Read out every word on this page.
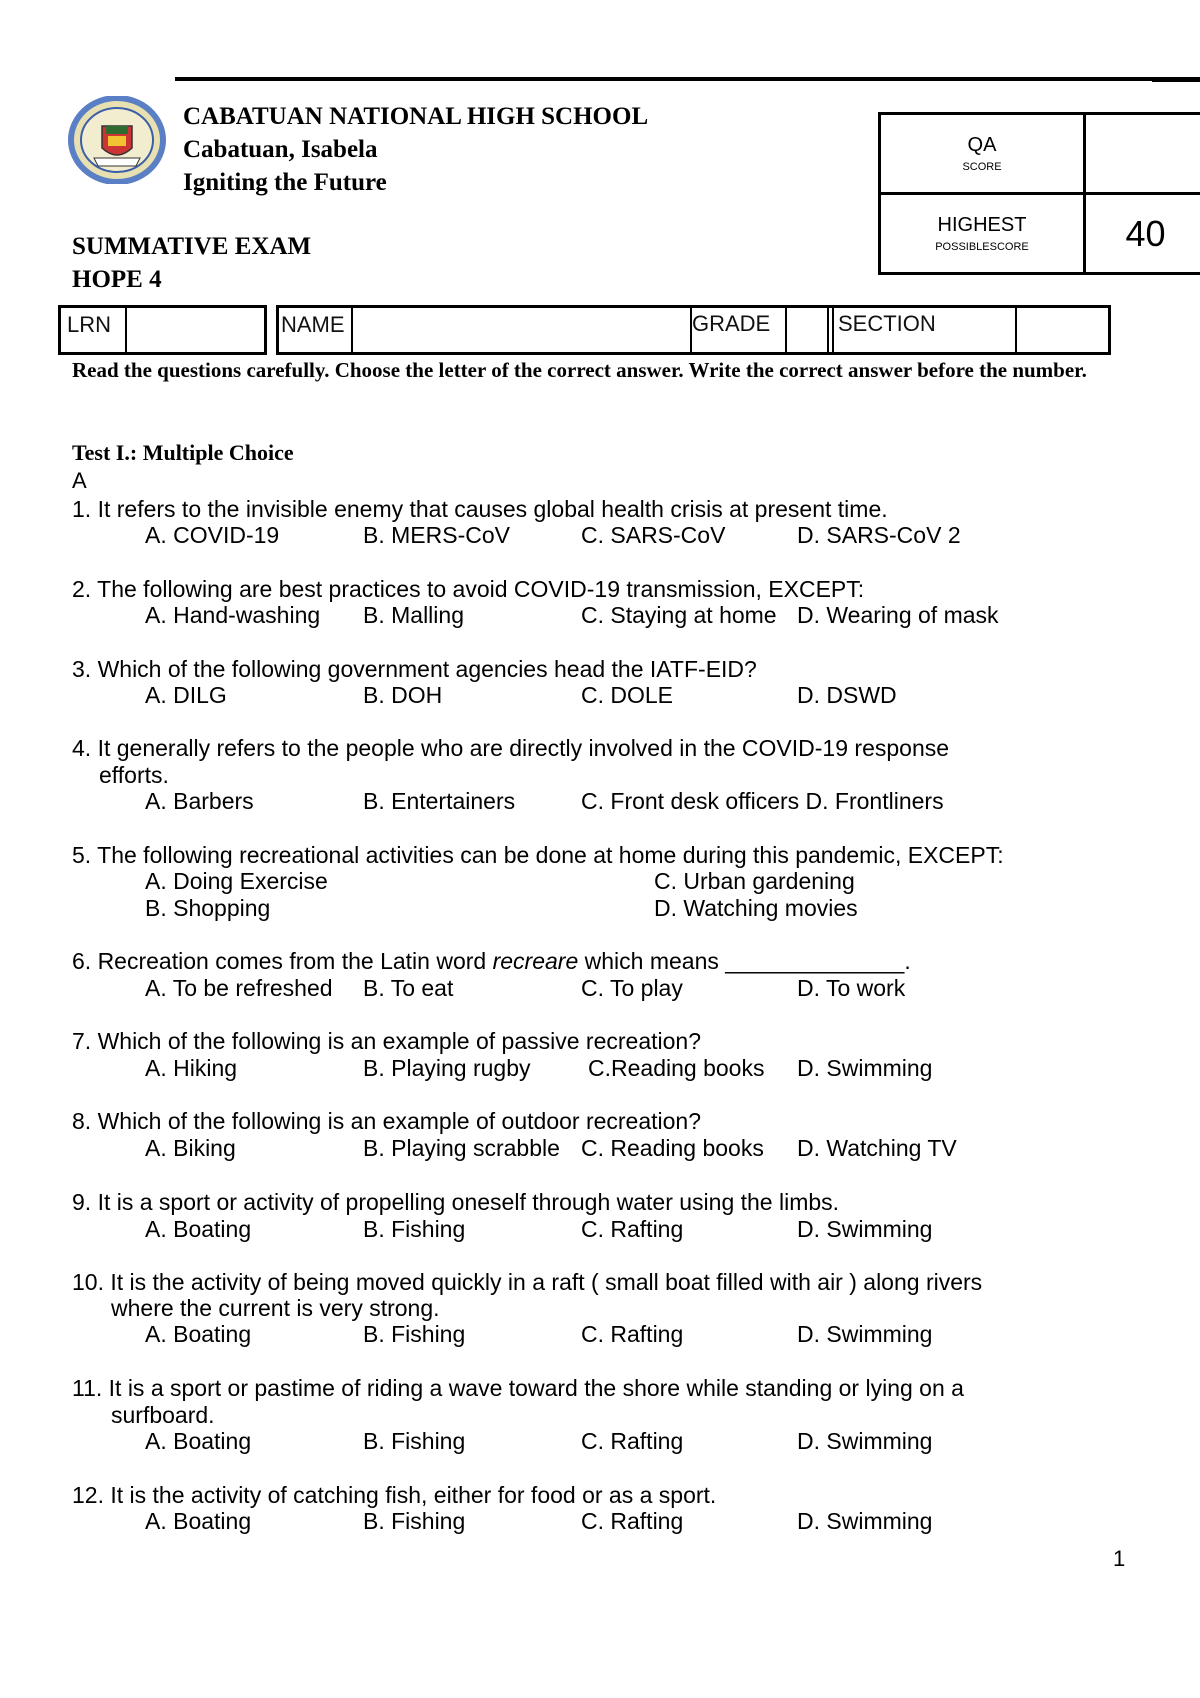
CABATUAN NATIONAL HIGH SCHOOL
Cabatuan, Isabela
Igniting the Future
SUMMATIVE EXAM
HOPE 4
QA
SCORE	

HIGHEST
POSSIBLESCORE	40
LRN	NAME	GRADE	SECTION
Read the questions carefully. Choose the letter of the correct answer. Write the correct answer before the number.
Test I.: Multiple Choice
A
1. It refers to the invisible enemy that causes global health crisis at present time.
A. COVID-19	B. MERS-CoV	C. SARS-CoV	D. SARS-CoV 2
2. The following are best practices to avoid COVID-19 transmission, EXCEPT:
A. Hand-washing B. Malling	C. Staying at home D. Wearing of mask
3. Which of the following government agencies head the IATF-EID?
A. DILG	B. DOH	C. DOLE	D. DSWD
4. It generally refers to the people who are directly involved in the COVID-19 response
efforts.
A. Barbers	B. Entertainers	C. Front desk officers D. Frontliners
5. The following recreational activities can be done at home during this pandemic, EXCEPT:
A. Doing Exercise	C. Urban gardening
B. Shopping	D. Watching movies
6. Recreation comes from the Latin word recreare which means ______________.
A. To be refreshed B. To eat	C. To play	D. To work
7. Which of the following is an example of passive recreation?
A. Hiking	B. Playing rugby	C.Reading books D. Swimming
8. Which of the following is an example of outdoor recreation?
A. Biking	B. Playing scrabble C. Reading books D. Watching TV
9. It is a sport or activity of propelling oneself through water using the limbs.
A. Boating	B. Fishing	C. Rafting	D. Swimming
10. It is the activity of being moved quickly in a raft ( small boat filled with air ) along rivers
where the current is very strong.
A. Boating	B. Fishing	C. Rafting	D. Swimming
11. It is a sport or pastime of riding a wave toward the shore while standing or lying on a
surfboard.
A. Boating	B. Fishing	C. Rafting	D. Swimming
12. It is the activity of catching fish, either for food or as a sport.
A. Boating	B. Fishing	C. Rafting	D. Swimming
1
